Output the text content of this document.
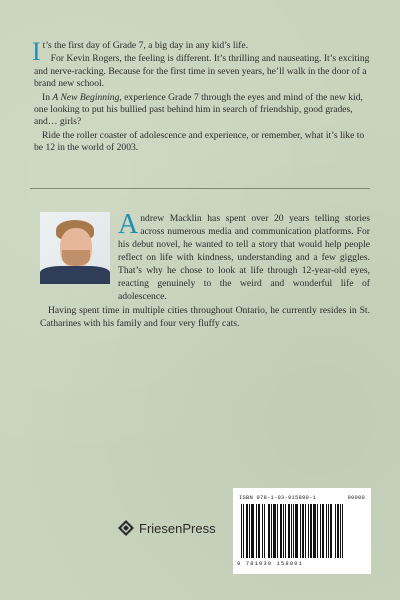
It’s the first day of Grade 7, a big day in any kid’s life.

For Kevin Rogers, the feeling is different. It’s thrilling and nauseating. It’s exciting and nerve-racking. Because for the first time in seven years, he’ll walk in the door of a brand new school.

In A New Beginning, experience Grade 7 through the eyes and mind of the new kid, one looking to put his bullied past behind him in search of friendship, good grades, and… girls?

Ride the roller coaster of adolescence and experience, or remember, what it’s like to be 12 in the world of 2003.

Andrew Macklin has spent over 20 years telling stories across numerous media and communication platforms. For his debut novel, he wanted to tell a story that would help people reflect on life with kindness, understanding and a few giggles. That’s why he chose to look at life through 12-year-old eyes, reacting genuinely to the weird and wonderful life of adolescence.

Having spent time in multiple cities throughout Ontario, he currently resides in St. Catharines with his family and four very fluffy cats.

FriesenPress
ISBN 978-1-03-915890-1	90000
9 781039 158901
